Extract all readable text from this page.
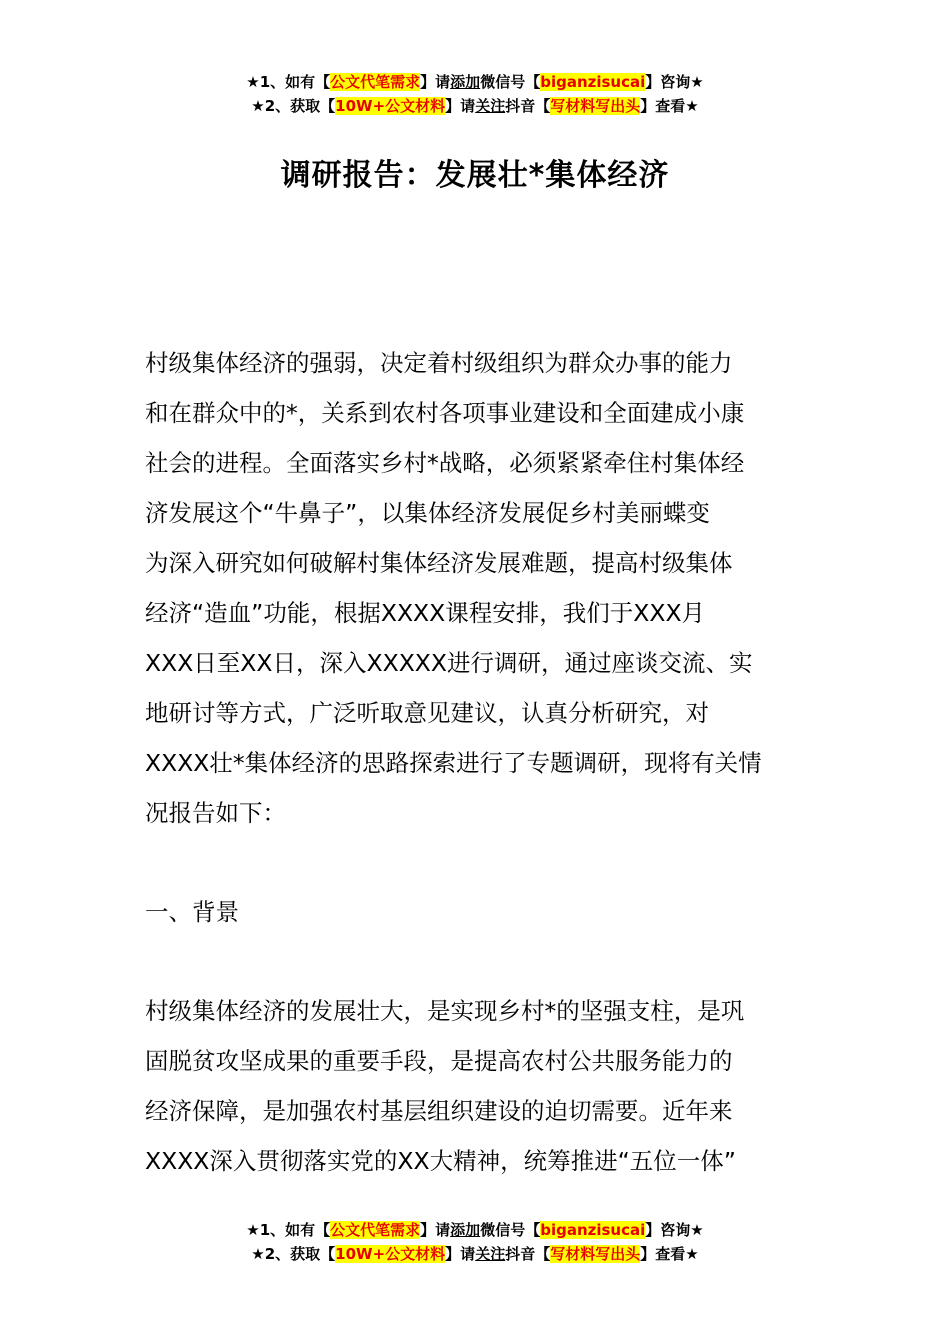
★1、如有【公文代笔需求】请添加微信号【biganzisucai】咨询★
★2、获取【10W+公文材料】请关注抖音【写材料写出头】查看★
调研报告：发展壮*集体经济
村级集体经济的强弱，决定着村级组织为群众办事的能力
和在群众中的*，关系到农村各项事业建设和全面建成小康
社会的进程。全面落实乡村*战略，必须紧紧牵住村集体经
济发展这个“牛鼻子”，以集体经济发展促乡村美丽蝶变
为深入研究如何破解村集体经济发展难题，提高村级集体
经济“造血”功能，根据XXXX课程安排，我们于XXX月
XXX日至XX日，深入XXXXX进行调研，通过座谈交流、实
地研讨等方式，广泛听取意见建议，认真分析研究，对
XXXX壮*集体经济的思路探索进行了专题调研，现将有关情
况报告如下：
一、背景
村级集体经济的发展壮大，是实现乡村*的坚强支柱，是巩
固脱贫攻坚成果的重要手段，是提高农村公共服务能力的
经济保障，是加强农村基层组织建设的迫切需要。近年来
XXXX深入贯彻落实党的XX大精神，统筹推进“五位一体”
★1、如有【公文代笔需求】请添加微信号【biganzisucai】咨询★
★2、获取【10W+公文材料】请关注抖音【写材料写出头】查看★
